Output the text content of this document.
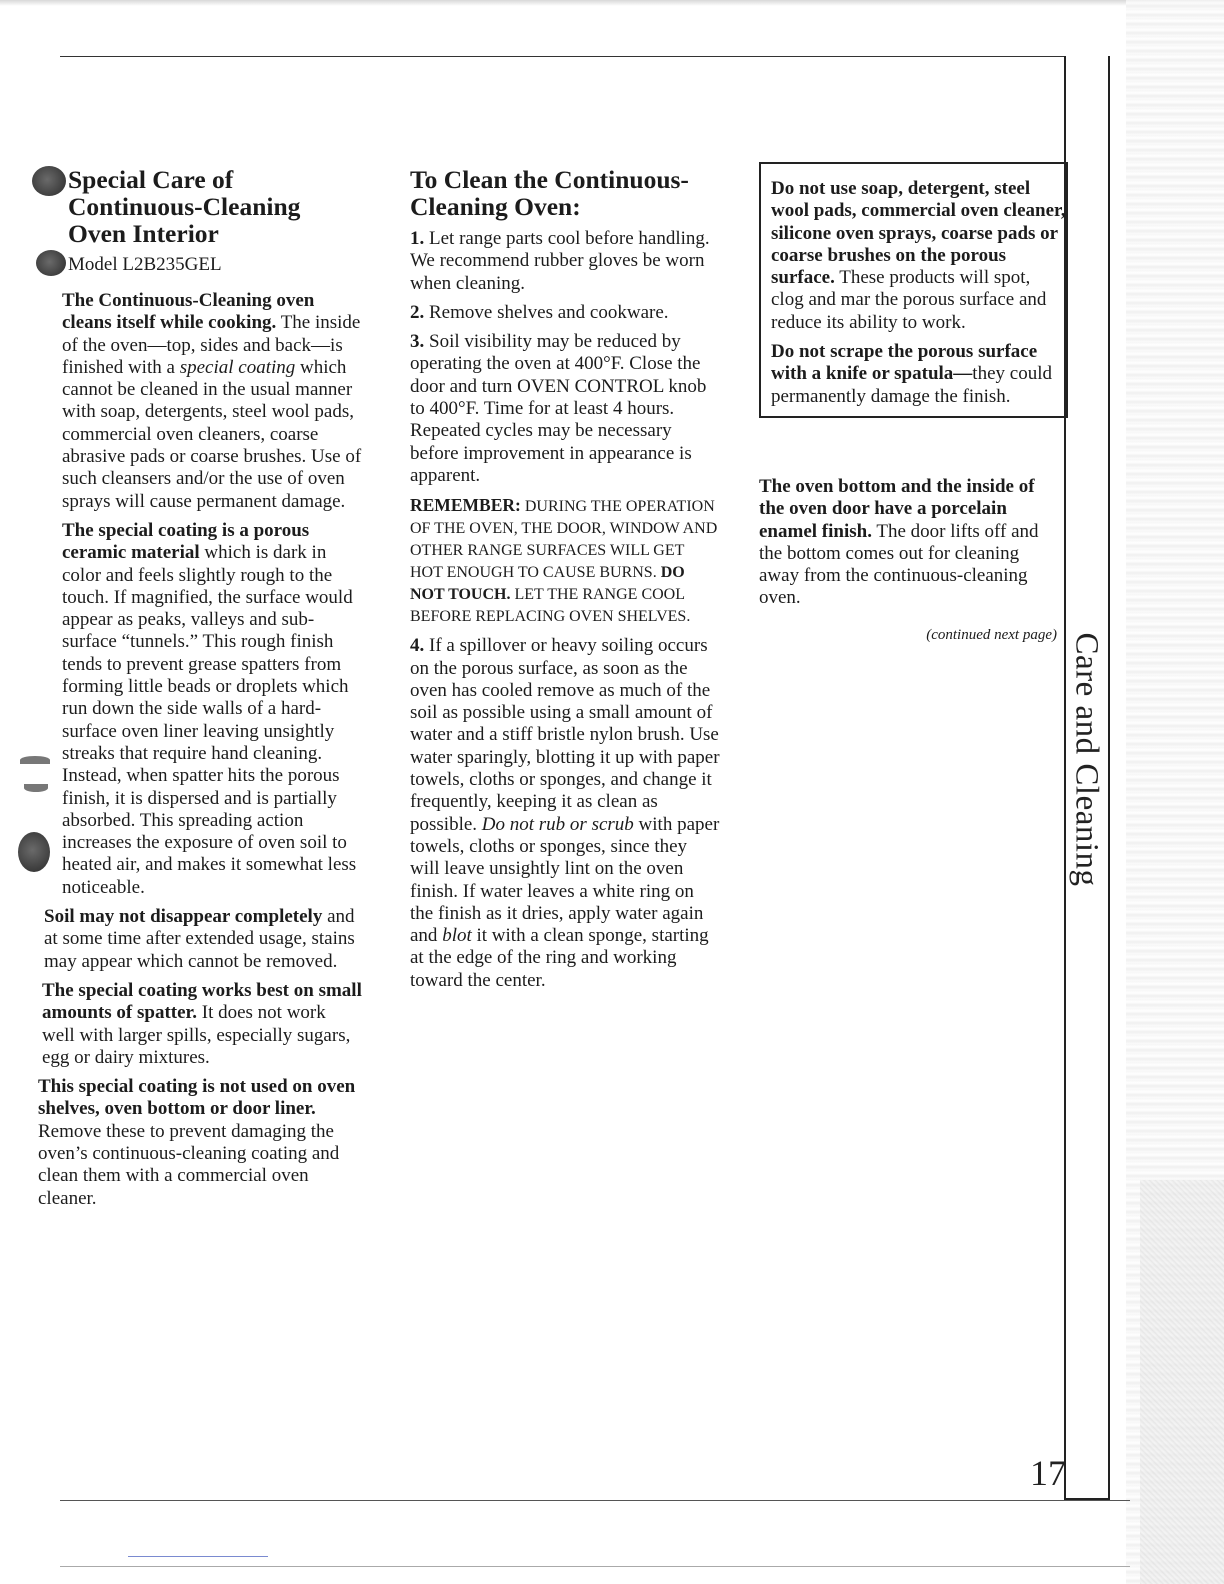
Care and Cleaning
17
Special Care of
Continuous-Cleaning
Oven Interior
Model L2B235GEL

The Continuous-Cleaning oven cleans itself while cooking. The inside of the oven—top, sides and back—is finished with a special coating which cannot be cleaned in the usual manner with soap, detergents, steel wool pads, commercial oven cleaners, coarse abrasive pads or coarse brushes. Use of such cleansers and/or the use of oven sprays will cause permanent damage.

The special coating is a porous ceramic material which is dark in color and feels slightly rough to the touch. If magnified, the surface would appear as peaks, valleys and sub-surface “tunnels.” This rough finish tends to prevent grease spatters from forming little beads or droplets which run down the side walls of a hard-surface oven liner leaving unsightly streaks that require hand cleaning. Instead, when spatter hits the porous finish, it is dispersed and is partially absorbed. This spreading action increases the exposure of oven soil to heated air, and makes it somewhat less noticeable.

Soil may not disappear completely and at some time after extended usage, stains may appear which cannot be removed.

The special coating works best on small amounts of spatter. It does not work well with larger spills, especially sugars, egg or dairy mixtures.

This special coating is not used on oven shelves, oven bottom or door liner. Remove these to prevent damaging the oven’s continuous-cleaning coating and clean them with a commercial oven cleaner.

To Clean the Continuous-
Cleaning Oven:

1. Let range parts cool before handling. We recommend rubber gloves be worn when cleaning.

2. Remove shelves and cookware.

3. Soil visibility may be reduced by operating the oven at 400°F. Close the door and turn OVEN CONTROL knob to 400°F. Time for at least 4 hours. Repeated cycles may be necessary before improvement in appearance is apparent.

REMEMBER: DURING THE OPERATION OF THE OVEN, THE DOOR, WINDOW AND OTHER RANGE SURFACES WILL GET HOT ENOUGH TO CAUSE BURNS. DO NOT TOUCH. LET THE RANGE COOL BEFORE REPLACING OVEN SHELVES.

4. If a spillover or heavy soiling occurs on the porous surface, as soon as the oven has cooled remove as much of the soil as possible using a small amount of water and a stiff bristle nylon brush. Use water sparingly, blotting it up with paper towels, cloths or sponges, and change it frequently, keeping it as clean as possible. Do not rub or scrub with paper towels, cloths or sponges, since they will leave unsightly lint on the oven finish. If water leaves a white ring on the finish as it dries, apply water again and blot it with a clean sponge, starting at the edge of the ring and working toward the center.

Do not use soap, detergent, steel wool pads, commercial oven cleaner, silicone oven sprays, coarse pads or coarse brushes on the porous surface. These products will spot, clog and mar the porous surface and reduce its ability to work.

Do not scrape the porous surface with a knife or spatula—they could permanently damage the finish.

The oven bottom and the inside of the oven door have a porcelain enamel finish. The door lifts off and the bottom comes out for cleaning away from the continuous-cleaning oven.

(continued next page)
